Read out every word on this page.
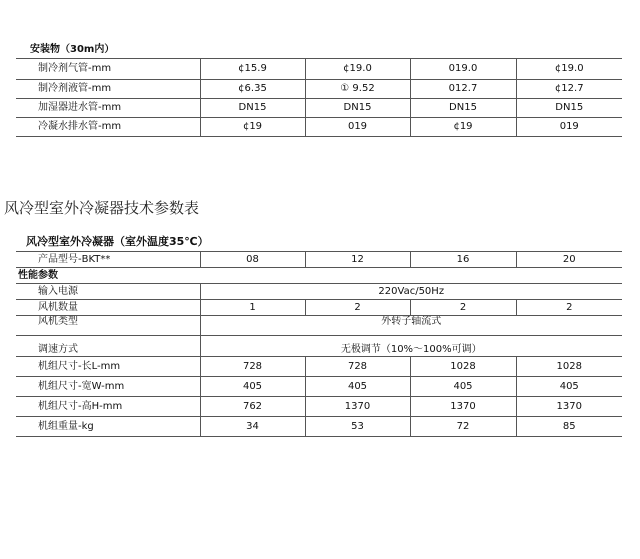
安装物（30m内）
制冷剂气管-mm	¢15.9	¢19.0	019.0	¢19.0
制冷剂液管-mm	¢6.35	① 9.52	012.7	¢12.7
加湿器进水管-mm	DN15	DN15	DN15	DN15
冷凝水排水管-mm	¢19	019	¢19	019
风冷型室外冷凝器技术参数表
风冷型室外冷凝器（室外温度35℃）
产品型号-BKT**	08	12	16	20
性能参数				
输入电源	220Vac/50Hz			
风机数量	1	2	2	2
风机类型	外转子轴流式			
调速方式	无极调节（10%～100%可调）			
机组尺寸-长L-mm	728	728	1028	1028
机组尺寸-宽W-mm	405	405	405	405
机组尺寸-高H-mm	762	1370	1370	1370
机组重量-kg	34	53	72	85
